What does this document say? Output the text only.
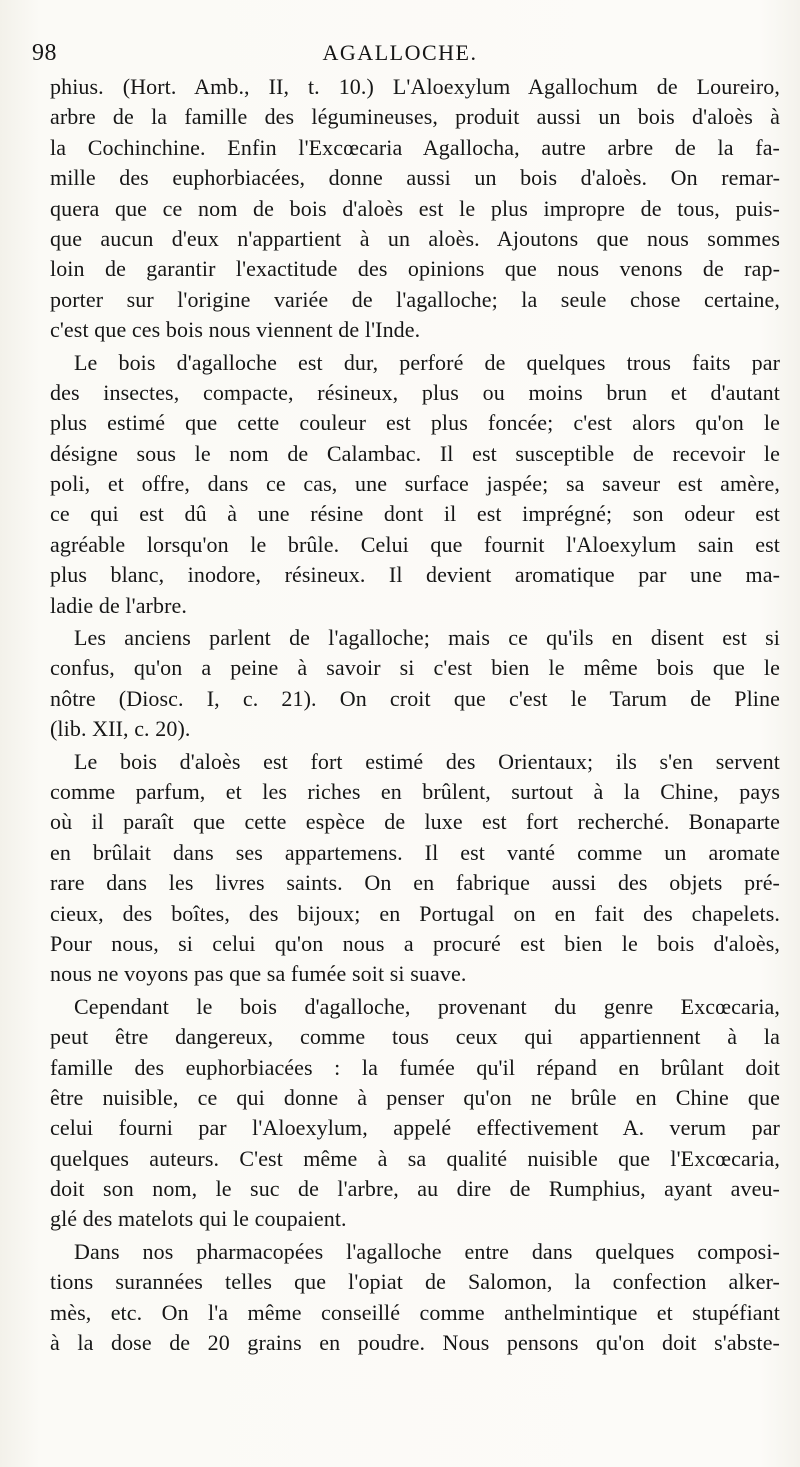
98	AGALLOCHE.
phius. (Hort. Amb., II, t. 10.) L'Aloexylum Agallochum de Loureiro,
arbre de la famille des légumineuses, produit aussi un bois d'aloès à
la Cochinchine. Enfin l'Excœcaria Agallocha, autre arbre de la fa-
mille des euphorbiacées, donne aussi un bois d'aloès. On remar-
quera que ce nom de bois d'aloès est le plus impropre de tous, puis-
que aucun d'eux n'appartient à un aloès. Ajoutons que nous sommes
loin de garantir l'exactitude des opinions que nous venons de rap-
porter sur l'origine variée de l'agalloche; la seule chose certaine,
c'est que ces bois nous viennent de l'Inde.
Le bois d'agalloche est dur, perforé de quelques trous faits par
des insectes, compacte, résineux, plus ou moins brun et d'autant
plus estimé que cette couleur est plus foncée; c'est alors qu'on le
désigne sous le nom de Calambac. Il est susceptible de recevoir le
poli, et offre, dans ce cas, une surface jaspée; sa saveur est amère,
ce qui est dû à une résine dont il est imprégné; son odeur est
agréable lorsqu'on le brûle. Celui que fournit l'Aloexylum sain est
plus blanc, inodore, résineux. Il devient aromatique par une ma-
ladie de l'arbre.
Les anciens parlent de l'agalloche; mais ce qu'ils en disent est si
confus, qu'on a peine à savoir si c'est bien le même bois que le
nôtre (Diosc. I, c. 21). On croit que c'est le Tarum de Pline
(lib. XII, c. 20).
Le bois d'aloès est fort estimé des Orientaux; ils s'en servent
comme parfum, et les riches en brûlent, surtout à la Chine, pays
où il paraît que cette espèce de luxe est fort recherché. Bonaparte
en brûlait dans ses appartemens. Il est vanté comme un aromate
rare dans les livres saints. On en fabrique aussi des objets pré-
cieux, des boîtes, des bijoux; en Portugal on en fait des chapelets.
Pour nous, si celui qu'on nous a procuré est bien le bois d'aloès,
nous ne voyons pas que sa fumée soit si suave.
Cependant le bois d'agalloche, provenant du genre Excœcaria,
peut être dangereux, comme tous ceux qui appartiennent à la
famille des euphorbiacées : la fumée qu'il répand en brûlant doit
être nuisible, ce qui donne à penser qu'on ne brûle en Chine que
celui fourni par l'Aloexylum, appelé effectivement A. verum par
quelques auteurs. C'est même à sa qualité nuisible que l'Excœcaria,
doit son nom, le suc de l'arbre, au dire de Rumphius, ayant aveu-
glé des matelots qui le coupaient.
Dans nos pharmacopées l'agalloche entre dans quelques composi-
tions surannées telles que l'opiat de Salomon, la confection alker-
mès, etc. On l'a même conseillé comme anthelmintique et stupéfiant
à la dose de 20 grains en poudre. Nous pensons qu'on doit s'abste-
